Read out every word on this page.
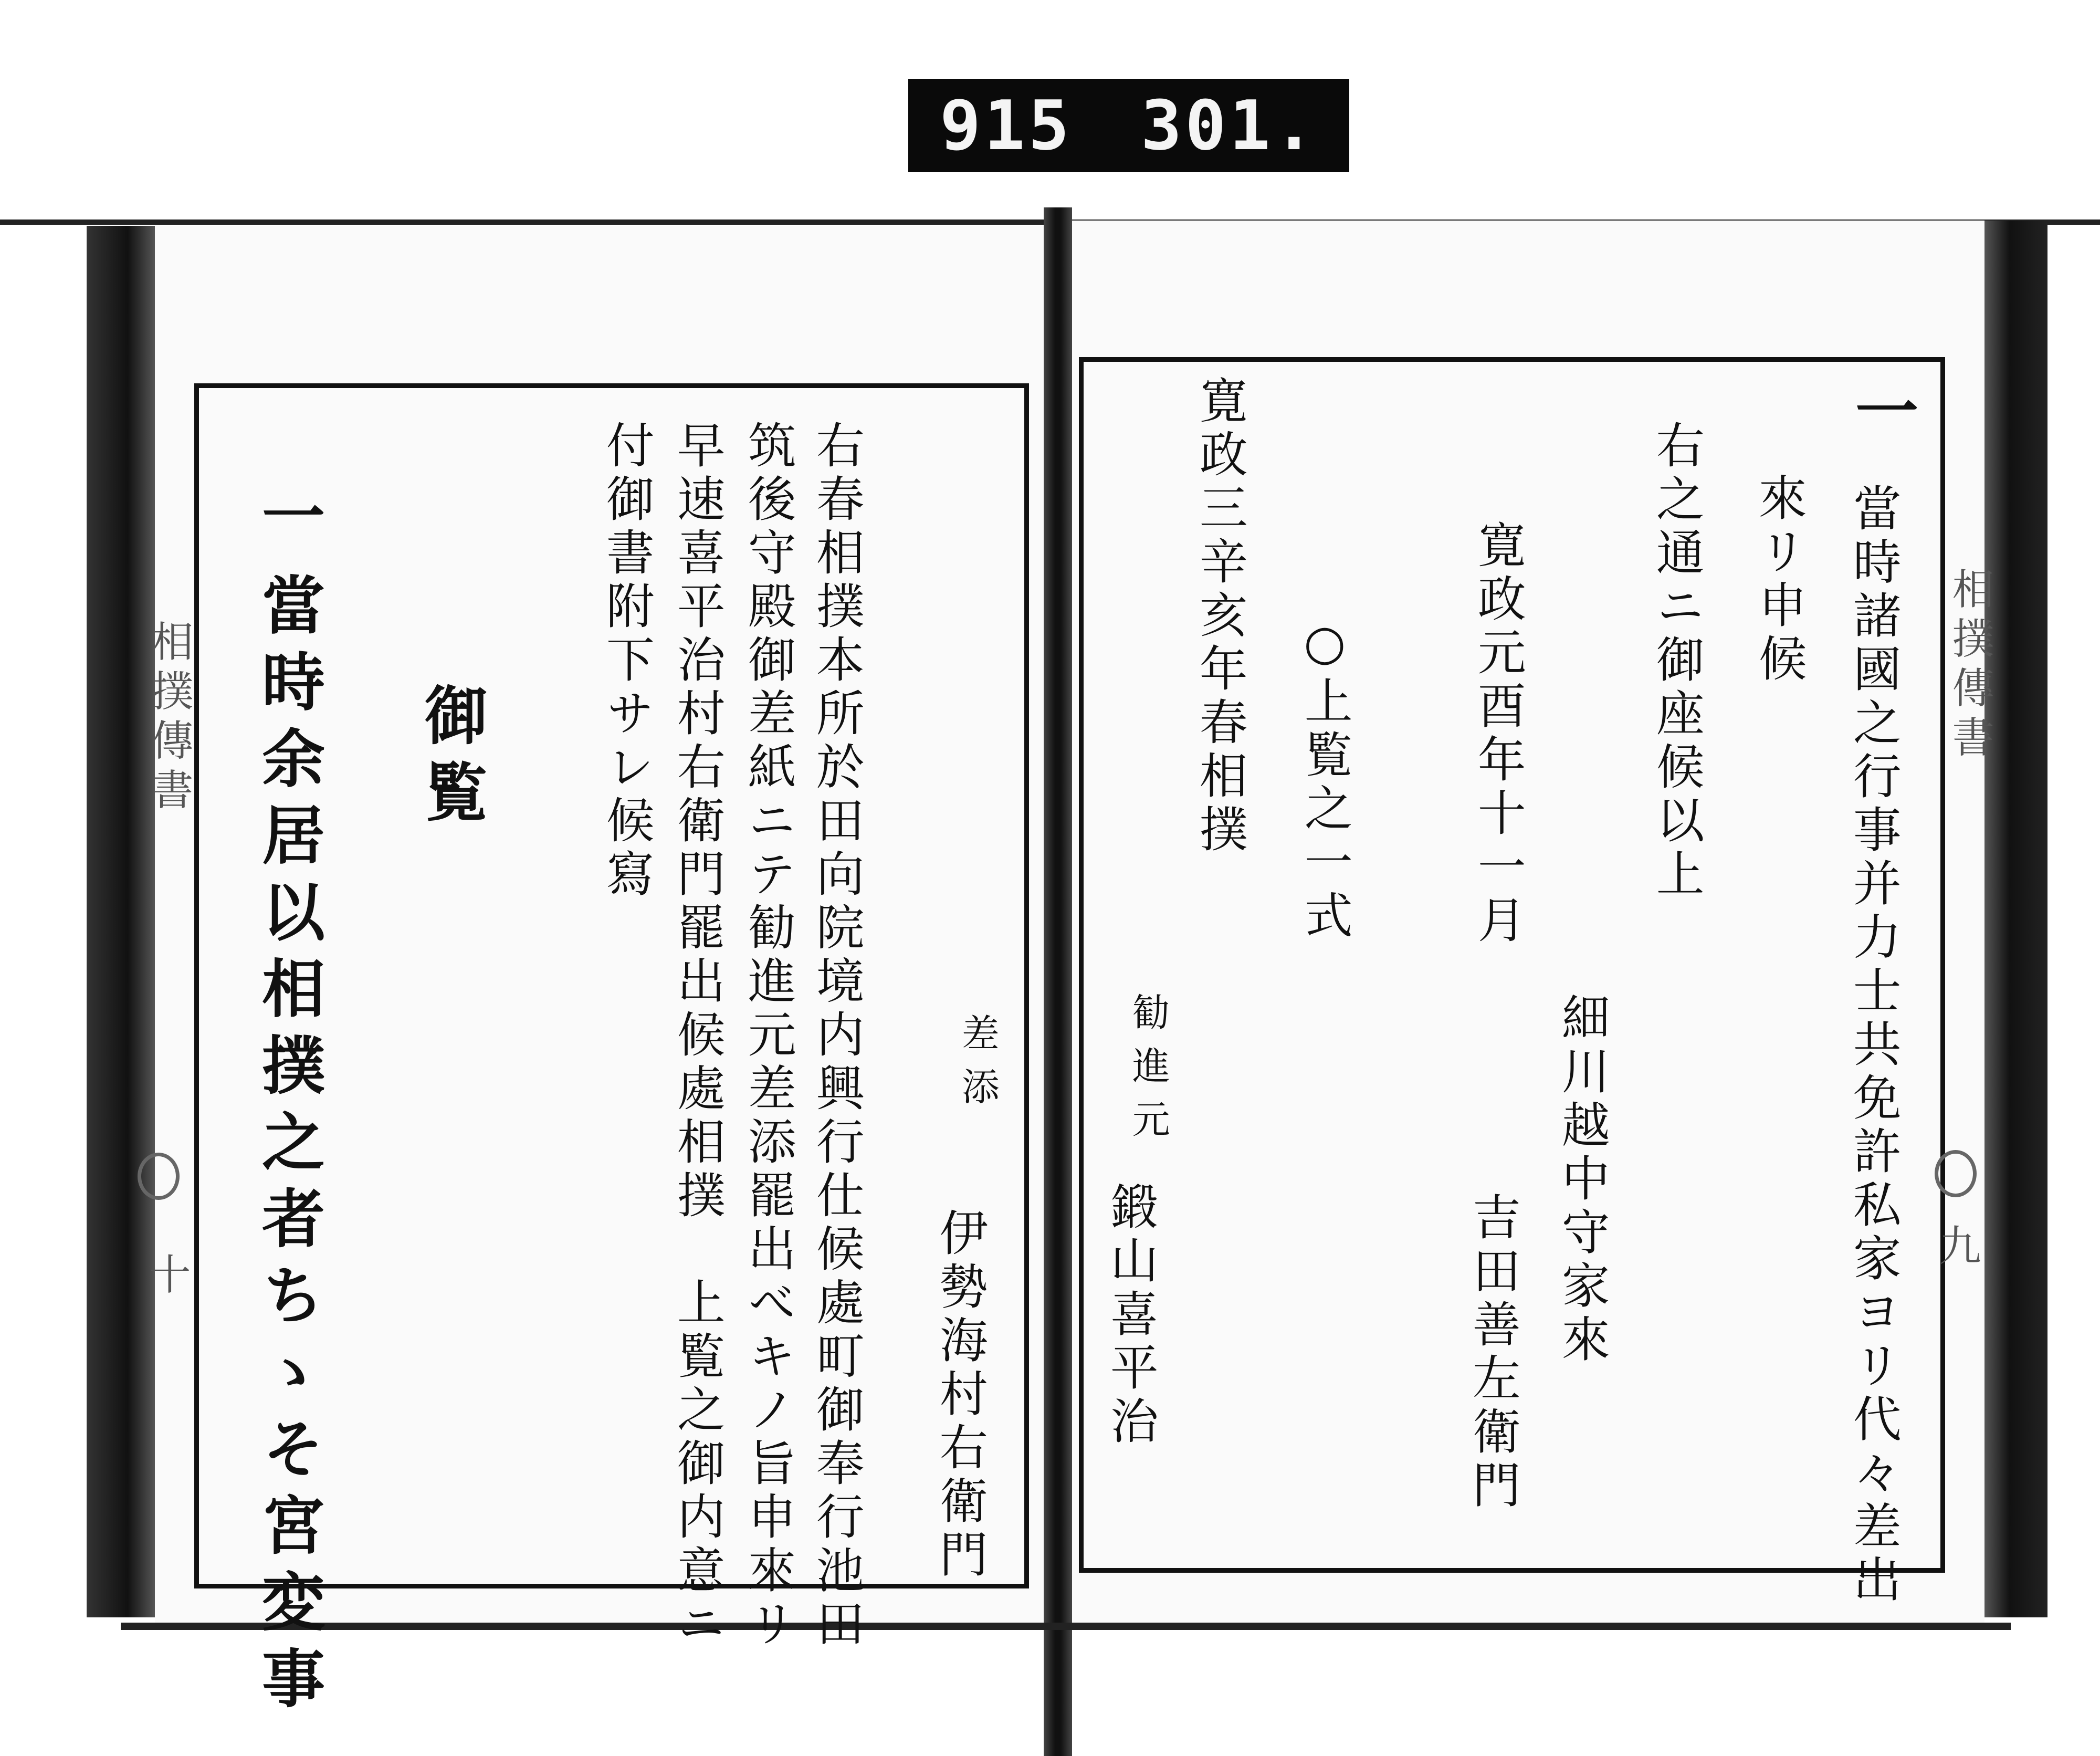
915 301.
相撲傳書
十
一
當時余居以相撲之者ちゝそ宮変事 御覧	右春相撲本所於田向院境内興行仕候處町御奉行池田
筑後守殿御差紙ニテ勧進元差添罷出べキノ旨申來リ
早速喜平治村右衛門罷出候處相撲　上覧之御内意ニ
付御書附下サレ候寫
差添
伊勢海村右衛門
相撲傳書
九
一
當時諸國之行事并力士共免許私家ヨリ代々差出
來リ申候
右之通ニ御座候以上
寛政元酉年十一月
○上覧之一式
寛政三辛亥年春相撲
細川越中守家來
吉田善左衛門
勧進元
鍛山喜平治
